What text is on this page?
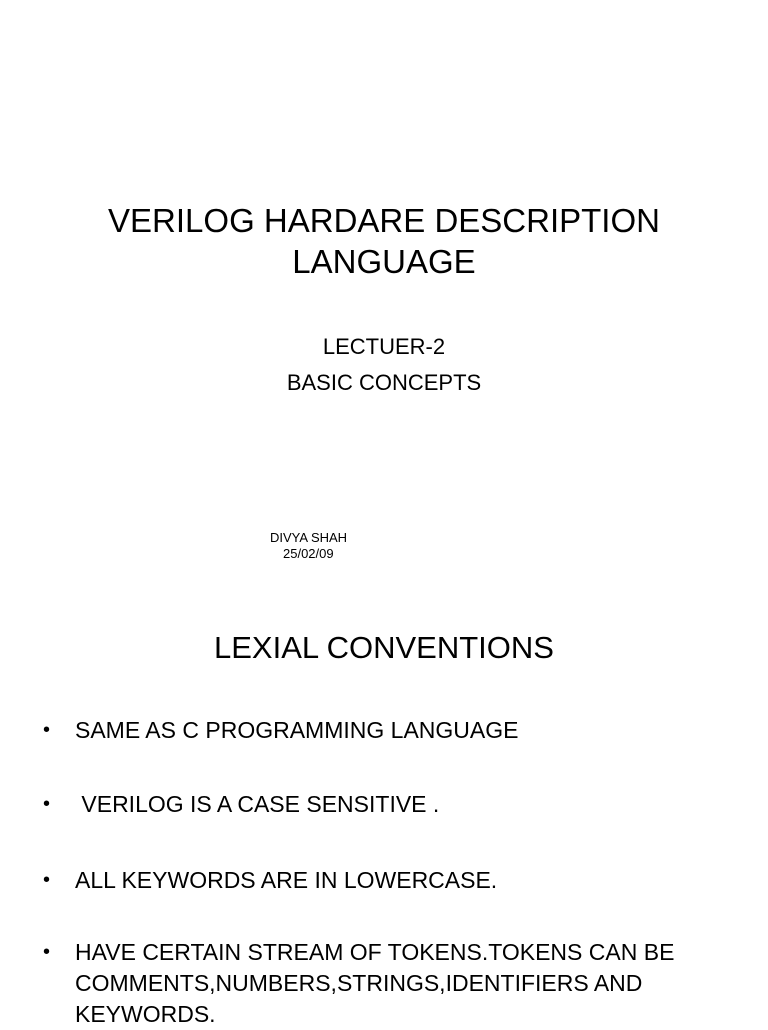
VERILOG HARDARE DESCRIPTION LANGUAGE
LECTUER-2
BASIC CONCEPTS
DIVYA SHAH
25/02/09
LEXIAL CONVENTIONS
• SAME AS C PROGRAMMING LANGUAGE
• VERILOG IS A CASE SENSITIVE .
• ALL KEYWORDS ARE IN LOWERCASE.
• HAVE CERTAIN STREAM OF TOKENS.TOKENS CAN BE COMMENTS,NUMBERS,STRINGS,IDENTIFIERS AND KEYWORDS.
